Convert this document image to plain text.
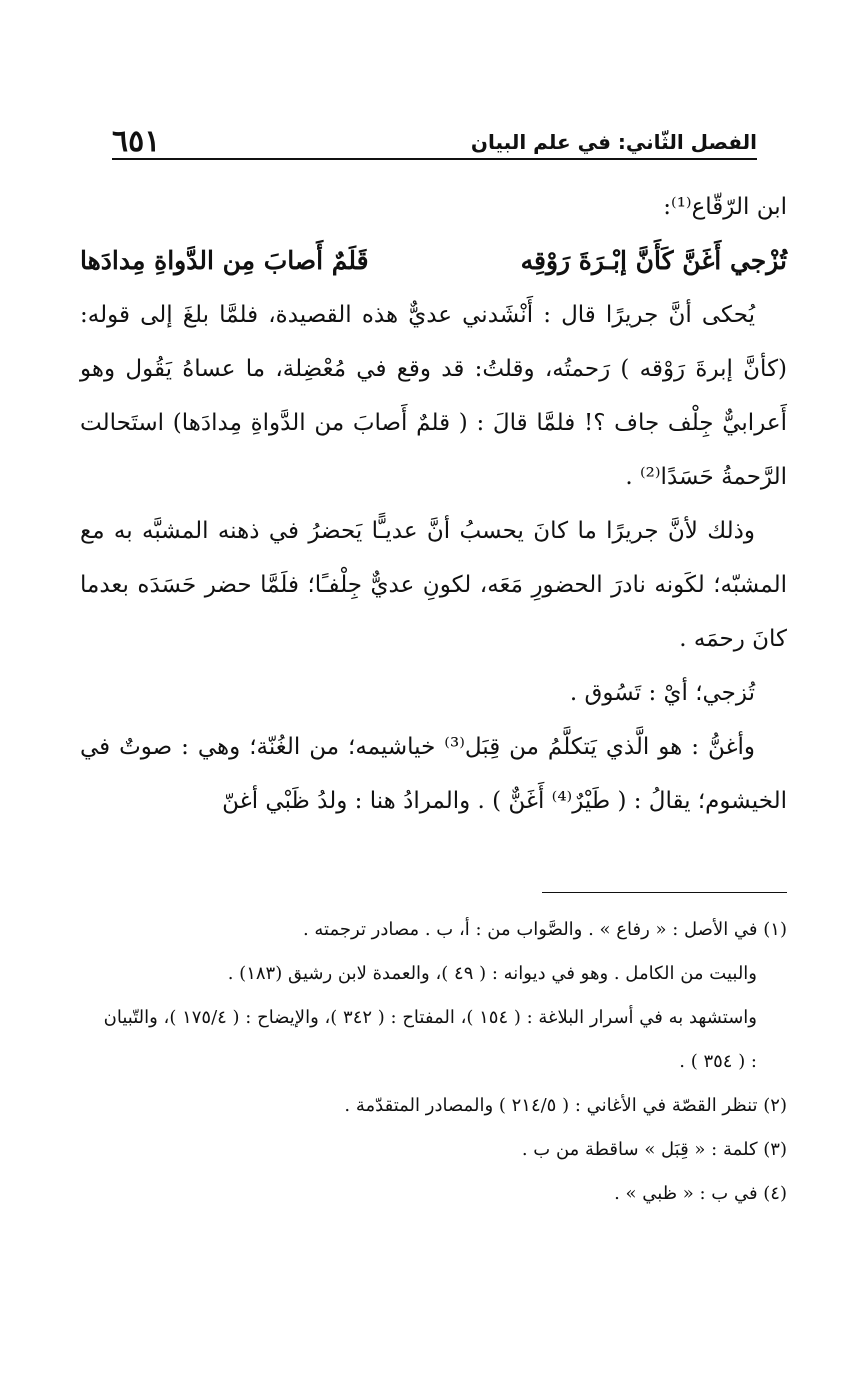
٦٥١	الفصل الثّاني: في علم البيان

ابن الرّقّاع⁽¹⁾:

تُزْجي أَغَنَّ كَأَنَّ إبْـرَةَ رَوْقِه
قَلَمٌ أَصابَ مِن الدَّواةِ مِدادَها

يُحكى أنَّ جريرًا قال : أَنْشَدني عديٌّ هذه القصيدة، فلمَّا بلغَ إلى قوله: (كأنَّ إبرةَ رَوْقه ) رَحمتُه، وقلتُ: قد وقع في مُعْضِلة، ما عساهُ يَقُول وهو أَعرابيٌّ جِلْف جاف ؟! فلمَّا قالَ : ( قلمٌ أَصابَ من الدَّواةِ مِدادَها) استَحالت الرَّحمةُ حَسَدًا⁽²⁾ .

وذلك لأنَّ جريرًا ما كانَ يحسبُ أنَّ عديـًّا يَحضرُ في ذهنه المشبَّه به مع المشبّه؛ لكَونه نادرَ الحضورِ مَعَه، لكونِ عديٌّ جِلْفـًا؛ فلَمَّا حضر حَسَدَه بعدما كانَ رحمَه .

تُزجي؛ أيْ : تَسُوق .

وأغنُّ : هو الَّذي يَتكلَّمُ من قِبَل⁽³⁾ خياشيمه؛ من الغُنّة؛ وهي : صوتٌ في الخيشوم؛ يقالُ : ( طَيْرٌ⁽⁴⁾ أَغَنٌّ ) . والمرادُ هنا : ولدُ ظَبْي أغنّ

(١) في الأصل : « رفاع » . والصَّواب من : أ، ب . مصادر ترجمته .

والبيت من الكامل . وهو في ديوانه : ( ٤٩ )، والعمدة لابن رشيق (١٨٣) .

واستشهد به في أسرار البلاغة : ( ١٥٤ )، المفتاح : ( ٣٤٢ )، والإيضاح : ( ١٧٥/٤ )، والتّبيان : ( ٣٥٤ ) .

(٢) تنظر القصّة في الأغاني : ( ٢١٤/٥ ) والمصادر المتقدّمة .

(٣) كلمة : « قِبَل » ساقطة من ب .

(٤) في ب : « ظبي » .
